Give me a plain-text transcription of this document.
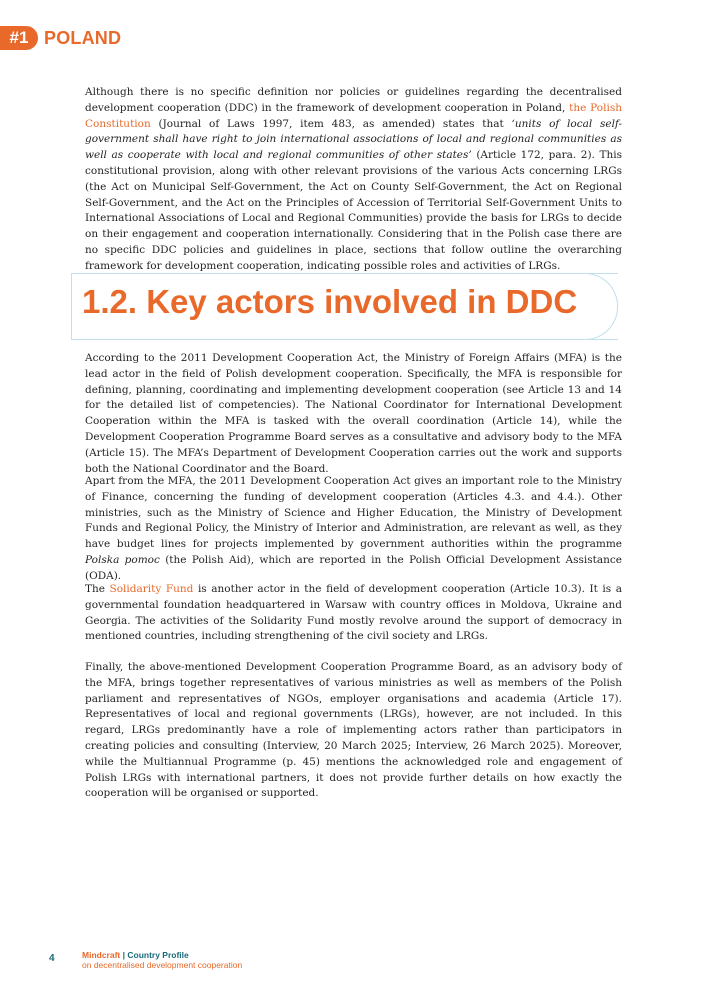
#1 POLAND

Although there is no specific definition nor policies or guidelines regarding the decentralised development cooperation (DDC) in the framework of development cooperation in Poland, the Polish Constitution (Journal of Laws 1997, item 483, as amended) states that ‘units of local self-government shall have right to join international associations of local and regional communities as well as cooperate with local and regional communities of other states’ (Article 172, para. 2). This constitutional provision, along with other relevant provisions of the various Acts concerning LRGs (the Act on Municipal Self-Government, the Act on County Self-Government, the Act on Regional Self-Government, and the Act on the Principles of Accession of Territorial Self-Government Units to International Associations of Local and Regional Communities) provide the basis for LRGs to decide on their engagement and cooperation internationally. Considering that in the Polish case there are no specific DDC policies and guidelines in place, sections that follow outline the overarching framework for development cooperation, indicating possible roles and activities of LRGs.

1.2. Key actors involved in DDC

According to the 2011 Development Cooperation Act, the Ministry of Foreign Affairs (MFA) is the lead actor in the field of Polish development cooperation. Specifically, the MFA is responsible for defining, planning, coordinating and implementing development cooperation (see Article 13 and 14 for the detailed list of competencies). The National Coordinator for International Development Cooperation within the MFA is tasked with the overall coordination (Article 14), while the Development Cooperation Programme Board serves as a consultative and advisory body to the MFA (Article 15). The MFA’s Department of Development Cooperation carries out the work and supports both the National Coordinator and the Board.

Apart from the MFA, the 2011 Development Cooperation Act gives an important role to the Ministry of Finance, concerning the funding of development cooperation (Articles 4.3. and 4.4.). Other ministries, such as the Ministry of Science and Higher Education, the Ministry of Development Funds and Regional Policy, the Ministry of Interior and Administration, are relevant as well, as they have budget lines for projects implemented by government authorities within the programme Polska pomoc (the Polish Aid), which are reported in the Polish Official Development Assistance (ODA).

The Solidarity Fund is another actor in the field of development cooperation (Article 10.3). It is a governmental foundation headquartered in Warsaw with country offices in Moldova, Ukraine and Georgia. The activities of the Solidarity Fund mostly revolve around the support of democracy in mentioned countries, including strengthening of the civil society and LRGs.

Finally, the above-mentioned Development Cooperation Programme Board, as an advisory body of the MFA, brings together representatives of various ministries as well as members of the Polish parliament and representatives of NGOs, employer organisations and academia (Article 17). Representatives of local and regional governments (LRGs), however, are not included. In this regard, LRGs predominantly have a role of implementing actors rather than participators in creating policies and consulting (Interview, 20 March 2025; Interview, 26 March 2025). Moreover, while the Multiannual Programme (p. 45) mentions the acknowledged role and engagement of Polish LRGs with international partners, it does not provide further details on how exactly the cooperation will be organised or supported.

4	Mindcraft | Country Profile
on decentralised development cooperation
